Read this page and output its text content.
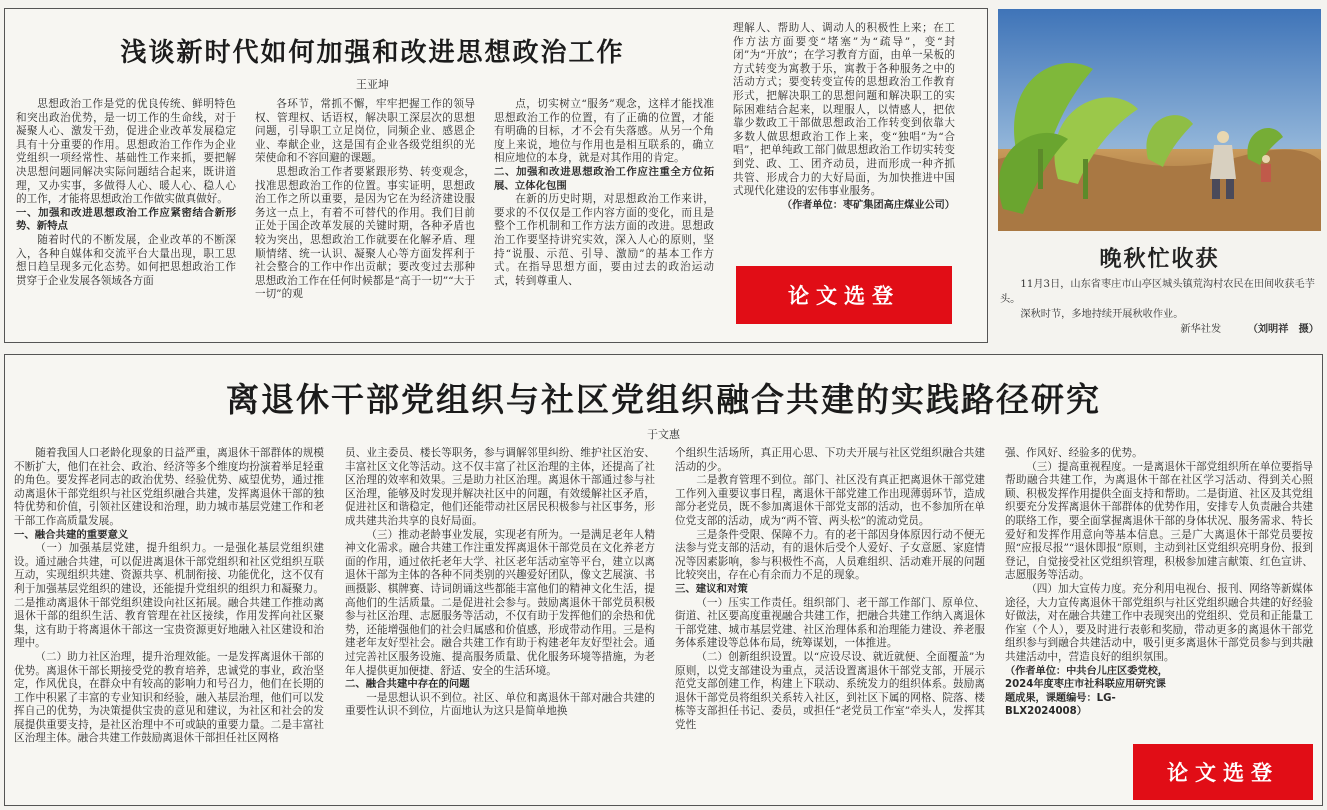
浅谈新时代如何加强和改进思想政治工作
王亚坤

思想政治工作是党的优良传统、鲜明特色和突出政治优势，是一切工作的生命线，对于凝聚人心、激发干劲，促进企业改革发展稳定具有十分重要的作用。思想政治工作作为企业党组织一项经常性、基础性工作来抓，要把解决思想问题同解决实际问题结合起来，既讲道理，又办实事，多做得人心、暖人心、稳人心的工作，才能将思想政治工作做实做真做好。

一、加强和改进思想政治工作应紧密结合新形势、新特点

随着时代的不断发展，企业改革的不断深入，各种自媒体和交流平台大量出现，职工思想日趋呈现多元化态势。如何把思想政治工作贯穿于企业发展各领域各方面

各环节，常抓不懈，牢牢把握工作的领导权、管理权、话语权，解决职工深层次的思想问题，引导职工立足岗位，同频企业、感恩企业、奉献企业，这是国有企业各级党组织的光荣使命和不容回避的课题。

思想政治工作者要紧跟形势、转变观念，找准思想政治工作的位置。事实证明，思想政治工作之所以重要，是因为它在为经济建设服务这一点上，有着不可替代的作用。我们目前正处于国企改革发展的关键时期，各种矛盾也较为突出，思想政治工作就要在化解矛盾、理顺情绪、统一认识、凝聚人心等方面发挥利于社会整合的工作中作出贡献；要改变过去那种思想政治工作在任何时候都是“高于一切”“大于一切”的观

点，切实树立“服务”观念，这样才能找准思想政治工作的位置，有了正确的位置，才能有明确的目标，才不会有失落感。从另一个角度上来说，地位与作用也是相互联系的，确立相应地位的本身，就是对其作用的肯定。

二、加强和改进思想政治工作应注重全方位拓展、立体化包围

在新的历史时期，对思想政治工作来讲，要求的不仅仅是工作内容方面的变化，而且是整个工作机制和工作方法方面的改进。思想政治工作要坚持讲究实效，深入人心的原则，坚持“说服、示范、引导、激励”的基本工作方式。在指导思想方面，要由过去的政治运动式，转到尊重人、

理解人、帮助人、调动人的积极性上来；在工作方法方面要变“堵塞”为“疏导”，变“封闭”为“开放”；在学习教育方面，由单一呆板的方式转变为寓教于乐，寓教于各种服务之中的活动方式；要变转变宣传的思想政治工作教育形式，把解决职工的思想问题和解决职工的实际困难结合起来，以理服人，以情感人，把依靠少数政工干部做思想政治工作转变到依靠大多数人做思想政治工作上来，变“独唱”为“合唱”，把单纯政工部门做思想政治工作切实转变到党、政、工、团齐动员，进而形成一种齐抓共管、形成合力的大好局面，为加快推进中国式现代化建设的宏伟事业服务。

（作者单位：枣矿集团高庄煤业公司）

论文选登
晚秋忙收获
11月3日，山东省枣庄市山亭区城头镇荒沟村农民在田间收获毛芋头。
深秋时节，多地持续开展秋收作业。
新华社发	（刘明祥　摄）
离退休干部党组织与社区党组织融合共建的实践路径研究
于文惠

随着我国人口老龄化现象的日益严重，离退休干部群体的规模不断扩大，他们在社会、政治、经济等多个维度均扮演着举足轻重的角色。要发挥老同志的政治优势、经验优势、威望优势，通过推动离退休干部党组织与社区党组织融合共建，发挥离退休干部的独特优势和价值，引领社区建设和治理，助力城市基层党建工作和老干部工作高质量发展。

一、融合共建的重要意义

（一）加强基层党建，提升组织力。一是强化基层党组织建设。通过融合共建，可以促进离退休干部党组织和社区党组织互联互动，实现组织共建、资源共享、机制衔接、功能优化，这不仅有利于加强基层党组织的建设，还能提升党组织的组织力和凝聚力。二是推动离退休干部党组织建设向社区拓展。融合共建工作推动离退休干部的组织生活、教育管理在社区接续，作用发挥向社区聚集，这有助于将离退休干部这一宝贵资源更好地融入社区建设和治理中。

（二）助力社区治理，提升治理效能。一是发挥离退休干部的优势。离退休干部长期接受党的教育培养，忠诚党的事业，政治坚定，作风优良，在群众中有较高的影响力和号召力，他们在长期的工作中积累了丰富的专业知识和经验，融入基层治理，他们可以发挥自己的优势，为决策提供宝贵的意见和建议，为社区和社会的发展提供重要支持，是社区治理中不可或缺的重要力量。二是丰富社区治理主体。融合共建工作鼓励离退休干部担任社区网格

员、业主委员、楼长等职务，参与调解邻里纠纷、维护社区治安、丰富社区文化等活动。这不仅丰富了社区治理的主体，还提高了社区治理的效率和效果。三是助力社区治理。离退休干部通过参与社区治理，能够及时发现并解决社区中的问题，有效缓解社区矛盾，促进社区和谐稳定，他们还能带动社区居民积极参与社区事务，形成共建共治共享的良好局面。

（三）推动老龄事业发展，实现老有所为。一是满足老年人精神文化需求。融合共建工作注重发挥离退休干部党员在文化养老方面的作用，通过依托老年大学、社区老年活动室等平台，建立以离退休干部为主体的各种不同类别的兴趣爱好团队，像文艺展演、书画摄影、棋牌赛、诗词朗诵这些都能丰富他们的精神文化生活，提高他们的生活质量。二是促进社会参与。鼓励离退休干部党员积极参与社区治理、志愿服务等活动，不仅有助于发挥他们的余热和优势，还能增强他们的社会归属感和价值感，形成带动作用。三是构建老年友好型社会。融合共建工作有助于构建老年友好型社会。通过完善社区服务设施、提高服务质量、优化服务环境等措施，为老年人提供更加便捷、舒适、安全的生活环境。

二、融合共建中存在的问题

一是思想认识不到位。社区、单位和离退休干部对融合共建的重要性认识不到位，片面地认为这只是简单地换

个组织生活场所，真正用心思、下功夫开展与社区党组织融合共建活动的少。

二是教育管理不到位。部门、社区没有真正把离退休干部党建工作列入重要议事日程，离退休干部党建工作出现薄弱环节，造成部分老党员，既不参加离退休干部党支部的活动，也不参加所在单位党支部的活动，成为“两不管、两头松”的流动党员。

三是条件受限、保障不力。有的老干部因身体原因行动不便无法参与党支部的活动，有的退休后受个人爱好、子女意愿、家庭情况等因素影响，参与积极性不高，人员难组织、活动难开展的问题比较突出，存在心有余而力不足的现象。

三、建议和对策

（一）压实工作责任。组织部门、老干部工作部门、原单位、街道、社区要高度重视融合共建工作，把融合共建工作纳入离退休干部党建、城市基层党建、社区治理体系和治理能力建设、养老服务体系建设等总体布局，统筹谋划，一体推进。

（二）创新组织设置。以“应设尽设、就近就便、全面覆盖”为原则，以党支部建设为重点，灵活设置离退休干部党支部，开展示范党支部创建工作，构建上下联动、系统发力的组织体系。鼓励离退休干部党员将组织关系转入社区，到社区下属的网格、院落、楼栋等支部担任书记、委员，或担任“老党员工作室”牵头人，发挥其党性

强、作风好、经验多的优势。

（三）提高重视程度。一是离退休干部党组织所在单位要指导帮助融合共建工作，为离退休干部在社区学习活动、得到关心照顾、积极发挥作用提供全面支持和帮助。二是街道、社区及其党组织要充分发挥离退休干部群体的优势作用，安排专人负责融合共建的联络工作，要全面掌握离退休干部的身体状况、服务需求、特长爱好和发挥作用意向等基本信息。三是广大离退休干部党员要按照“应报尽报”“退休即报”原则，主动到社区党组织亮明身份、报到登记，自觉接受社区党组织管理，积极参加建言献策、红色宣讲、志愿服务等活动。

（四）加大宣传力度。充分利用电视台、报刊、网络等新媒体途径，大力宣传离退休干部党组织与社区党组织融合共建的好经验好做法，对在融合共建工作中表现突出的党组织、党员和正能量工作室（个人），要及时进行表彰和奖励，带动更多的离退休干部党组织参与到融合共建活动中，吸引更多离退休干部党员参与到共融共建活动中，营造良好的组织氛围。

（作者单位：中共台儿庄区委党校，2024年度枣庄市社科联应用研究课题成果，课题编号：LG-BLX2024008）

论文选登
